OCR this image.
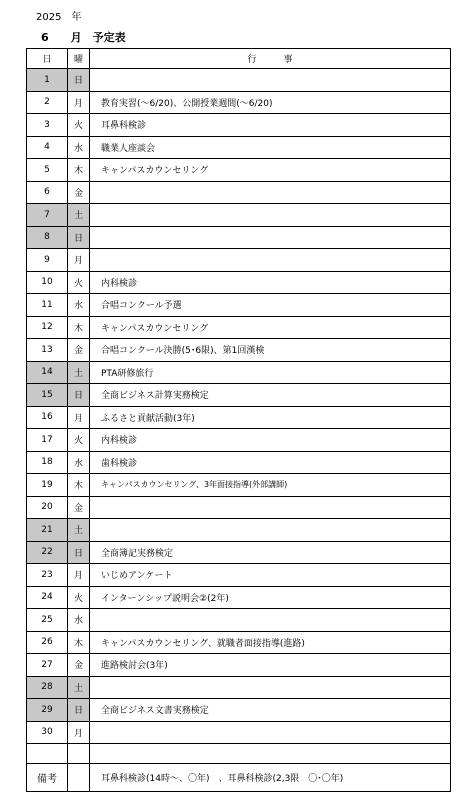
2025　年
6　　月　予定表
日	曜	行　　　事
1	日	
2	月	教育実習(～6/20)、公開授業週間(～6/20)
3	火	耳鼻科検診
4	水	職業人座談会
5	木	キャンパスカウンセリング
6	金	
7	土	
8	日	
9	月	
10	火	内科検診
11	水	合唱コンクール予選
12	木	キャンパスカウンセリング
13	金	合唱コンクール決勝(5･6限)、第1回漢検
14	土	PTA研修旅行
15	日	全商ビジネス計算実務検定
16	月	ふるさと貢献活動(3年)
17	火	内科検診
18	水	歯科検診
19	木	キャンパスカウンセリング、3年面接指導(外部講師)
20	金	
21	土	
22	日	全商簿記実務検定
23	月	いじめアンケート
24	火	インターンシップ説明会②(2年)
25	水	
26	木	キャンパスカウンセリング、就職者面接指導(進路)
27	金	進路検討会(3年)
28	土	
29	日	全商ビジネス文書実務検定
30	月	

備考		耳鼻科検診(14時～、〇年)　、耳鼻科検診(2,3限　〇･〇年)
